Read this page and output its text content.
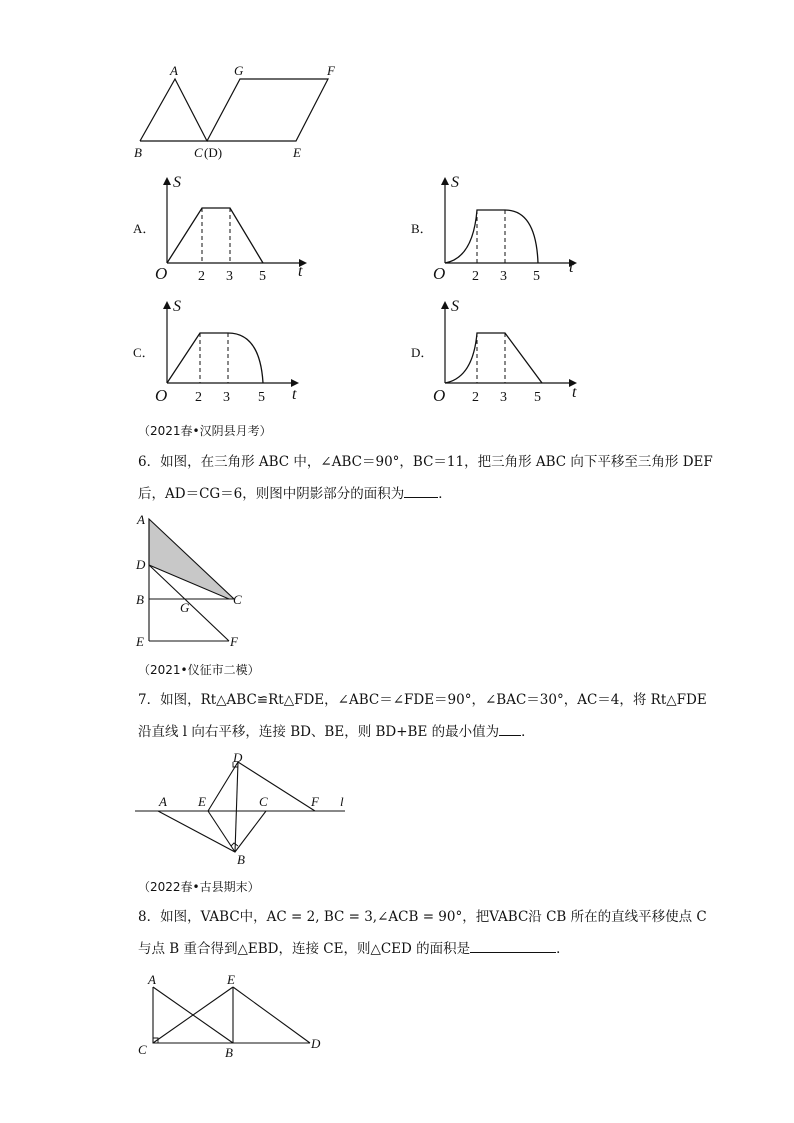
A	G	F
B	C (D)	E
A．
S
t
O 2 3 5
B．
S
t
O 2 3 5
C．
S
t
O 2 3 5
D．
S
t
O 2 3 5
（2021春•汉阴县月考）
6．如图，在三角形 ABC 中，∠ABC＝90°，BC＝11，把三角形 ABC 向下平移至三角形 DEF
后，AD＝CG＝6，则图中阴影部分的面积为	．
A
D
B
G
C
E	F
（2021•仪征市二模）
7．如图，Rt△ABC≌Rt△FDE，∠ABC＝∠FDE＝90°，∠BAC＝30°，AC＝4，将 Rt△FDE
沿直线 l 向右平移，连接 BD、BE，则 BD+BE 的最小值为 ．
A E	C	F l
D
B
（2022春•古县期末）
8．如图，VABC中，AC = 2, BC = 3,∠ACB = 90°，把VABC沿 CB 所在的直线平移使点 C
与点 B 重合得到△EBD，连接 CE，则△CED 的面积是	．
A	E
C	B
D
